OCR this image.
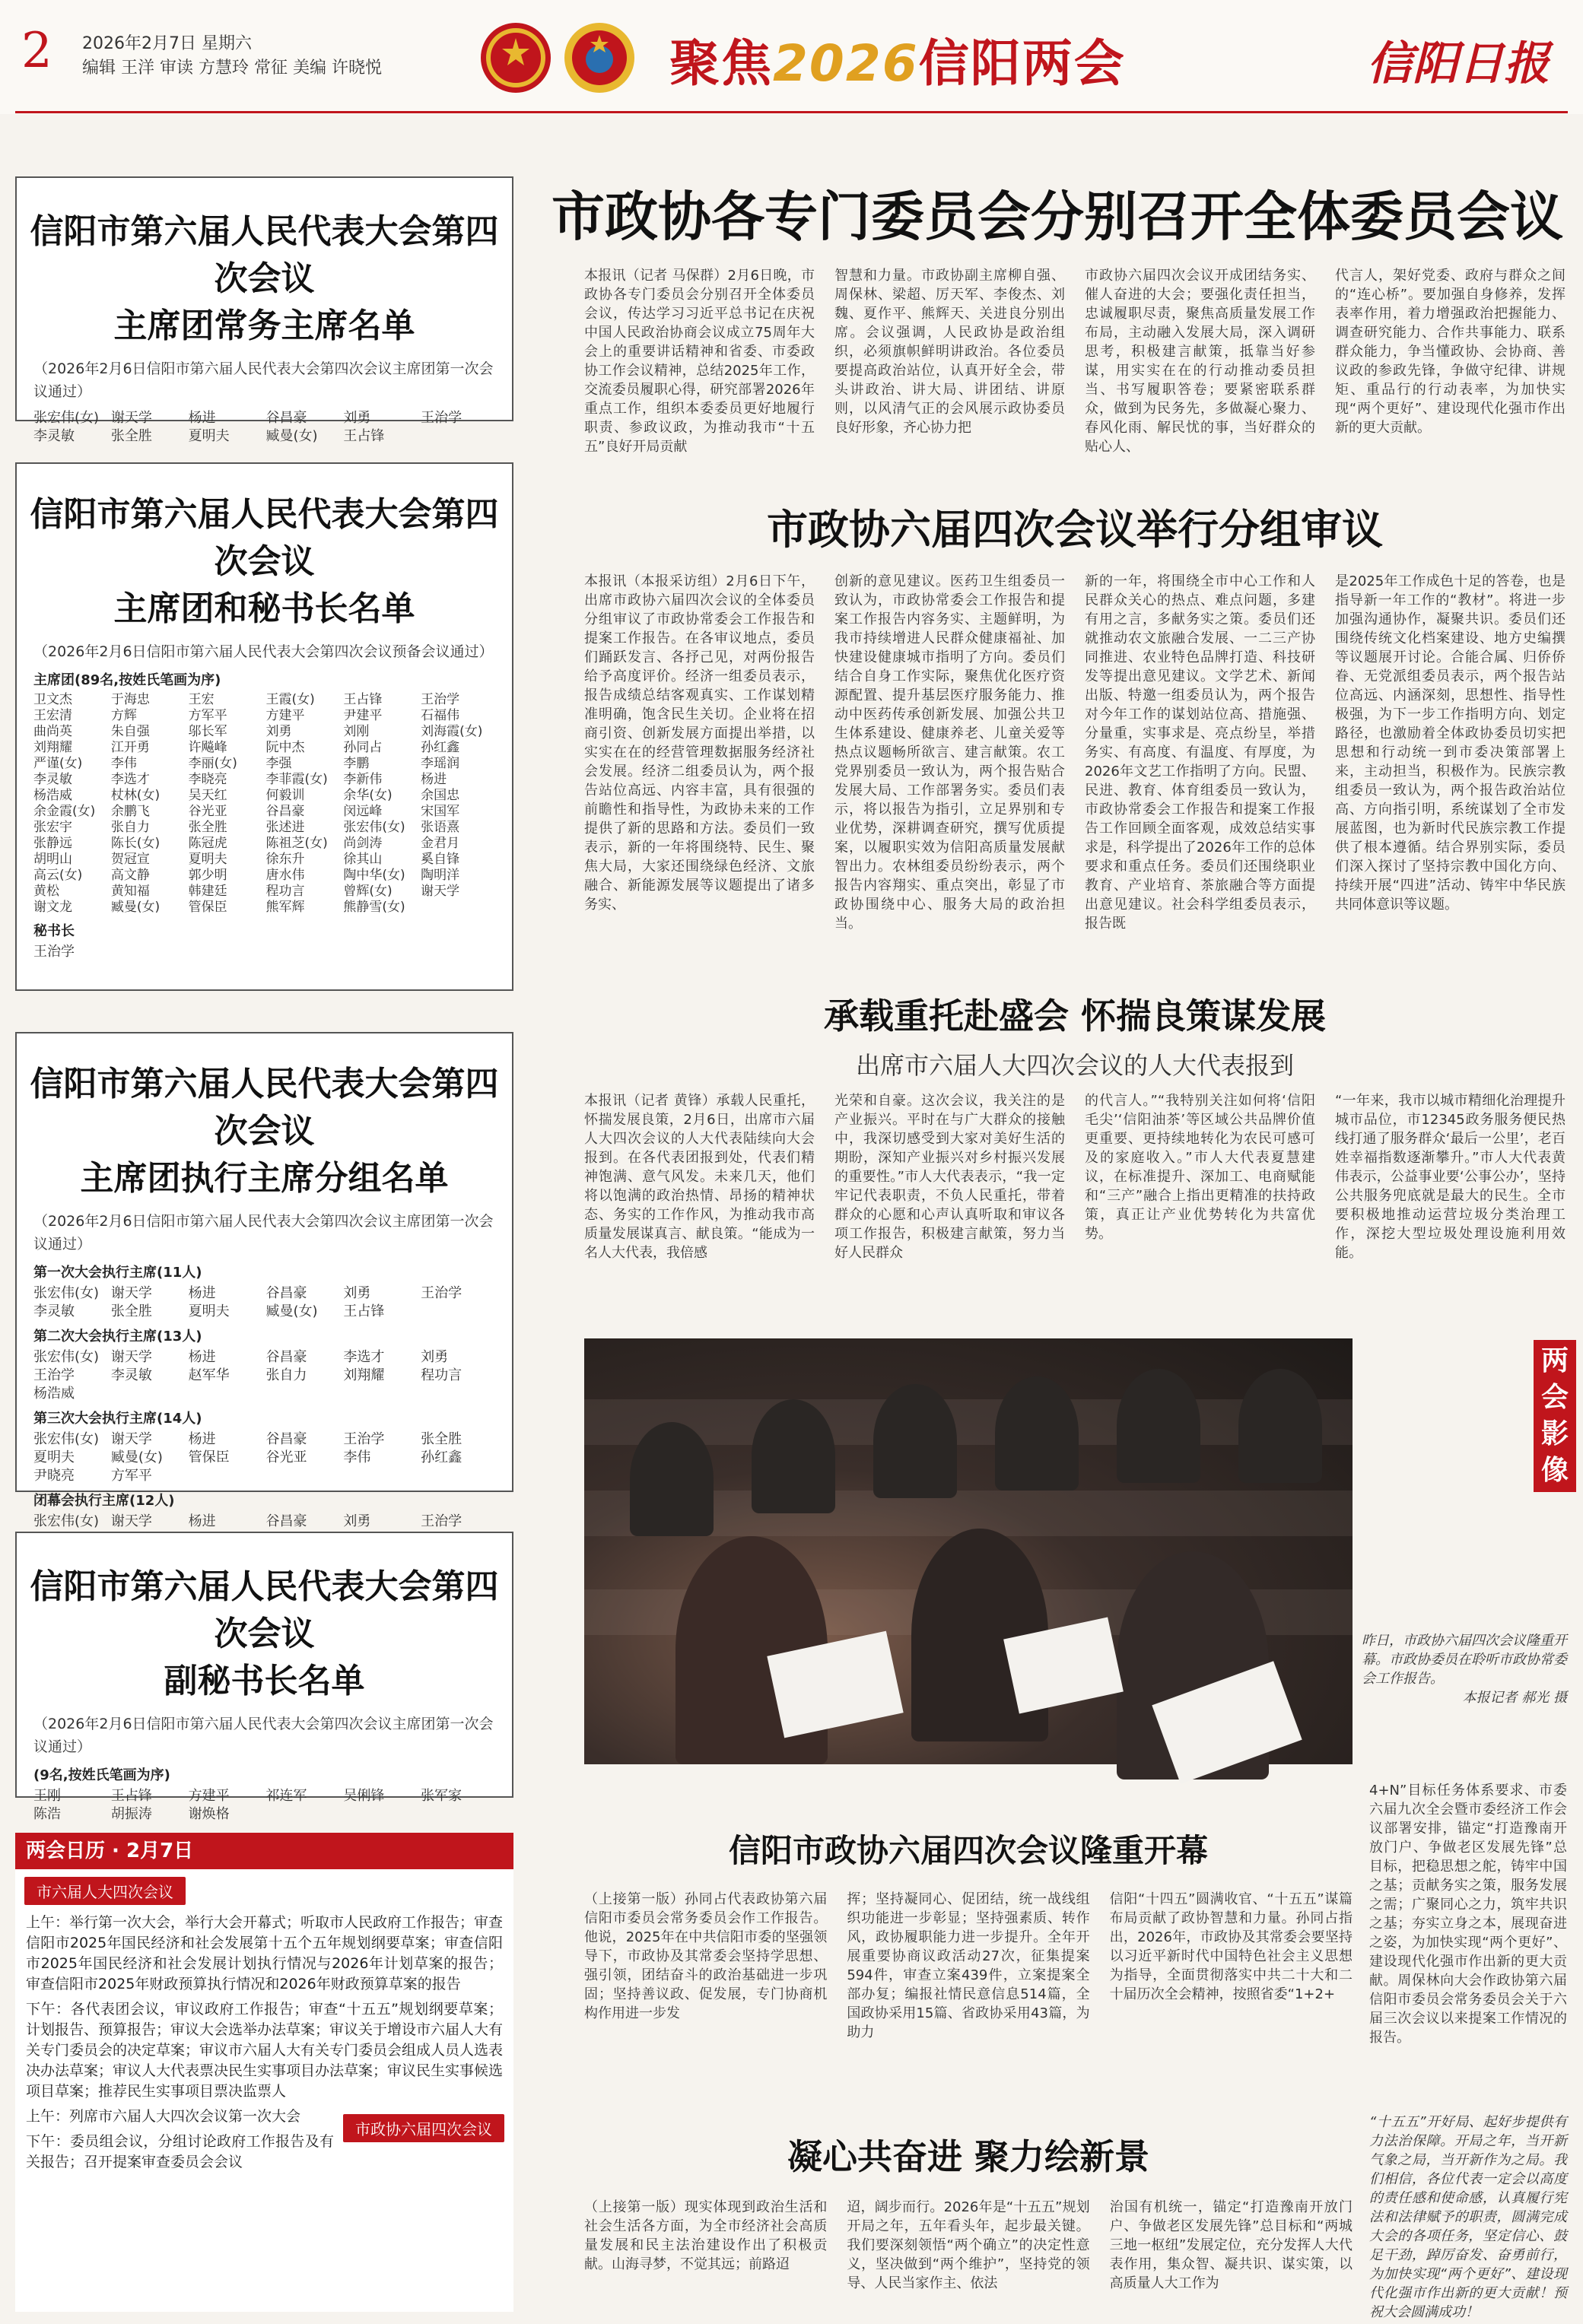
2 2026年2月7日 星期六
编辑 王洋 审读 方慧玲 常征 美编 许晓悦	聚焦2026信阳两会	信阳日报
信阳市第六届人民代表大会第四次会议
主席团常务主席名单
（2026年2月6日信阳市第六届人民代表大会第四次会议主席团第一次会议通过）
张宏伟(女) 谢天学	杨进	谷昌豪	刘勇	王治学
李灵敏	张全胜	夏明夫	臧曼(女)	王占锋
信阳市第六届人民代表大会第四次会议
主席团和秘书长名单
（2026年2月6日信阳市第六届人民代表大会第四次会议预备会议通过）
主席团(89名,按姓氏笔画为序)
卫文杰	于海忠	王宏	王霞(女)	王占锋	王治学
王宏清	方辉	方军平	方建平	尹建平	石福伟
曲尚英	朱自强	邬长军	刘勇	刘刚	刘海霞(女)
刘翔耀	江开勇	许飚峰	阮中杰	孙同占	孙红鑫
严谨(女)	李伟	李丽(女)	李强	李鹏	李瑶润
李灵敏	李选才	李晓亮	李菲霞(女)	李新伟	杨进
杨浩威	杖林(女)	吴天红	何毅训	余华(女)	余国忠
余金霞(女)	余鹏飞	谷光亚	谷昌豪	闵远峰	宋国军
张宏宇	张自力	张全胜	张述进	张宏伟(女)	张语熹
张静远	陈长(女)	陈冠虎	陈祖芝(女)	尚剑涛	金君月
胡明山	贺冠宣	夏明夫	徐东升	徐其山	奚自锋
高云(女)	高文静	郭少明	唐水伟	陶中华(女)	陶明洋
黄松	黄知福	韩建廷	程功言	曾辉(女)	谢天学
谢文龙	臧曼(女)	管保臣	熊军辉	熊静雪(女)
秘书长
王治学
信阳市第六届人民代表大会第四次会议
主席团执行主席分组名单
（2026年2月6日信阳市第六届人民代表大会第四次会议主席团第一次会议通过）
第一次大会执行主席(11人)
张宏伟(女) 谢天学	杨进	谷昌豪	刘勇	王治学
李灵敏	张全胜	夏明夫	臧曼(女)	王占锋
第二次大会执行主席(13人)
张宏伟(女) 谢天学	杨进	谷昌豪	李选才	刘勇
王治学	李灵敏	赵军华	张自力	刘翔耀	程功言
杨浩威
第三次大会执行主席(14人)
张宏伟(女) 谢天学	杨进	谷昌豪	王治学	张全胜
夏明夫	臧曼(女)	管保臣	谷光亚	李伟	孙红鑫
尹晓亮	方军平
闭幕会执行主席(12人)
张宏伟(女) 谢天学	杨进	谷昌豪	刘勇	王治学
信阳市第六届人民代表大会第四次会议
副秘书长名单
（2026年2月6日信阳市第六届人民代表大会第四次会议主席团第一次会议通过）
(9名,按姓氏笔画为序)
王刚	王占锋	方建平	祁连军	吴俐锋	张军家
陈浩	胡振涛	谢焕格
市政协各专门委员会分别召开全体委员会议
本报讯（记者 马保群）2月6日晚，市政协各专门委员会分别召开全体委员会议，传达学习习近平总书记在庆祝中国人民政治协商会议成立75周年大会上的重要讲话精神和省委、市委政协工作会议精神，总结2025年工作，交流委员履职心得，研究部署2026年重点工作，组织本委委员更好地履行职责、参政议政，为推动我市“十五五”良好开局贡献
智慧和力量。市政协副主席柳自强、周保林、梁超、厉天军、李俊杰、刘魏、夏作平、熊辉天、关进良分别出席。会议强调，人民政协是政治组织，必须旗帜鲜明讲政治。各位委员要提高政治站位，认真开好全会，带头讲政治、讲大局、讲团结、讲原则，以风清气正的会风展示政协委员良好形象，齐心协力把
市政协六届四次会议开成团结务实、催人奋进的大会；要强化责任担当，忠诚履职尽责，聚焦高质量发展工作布局，主动融入发展大局，深入调研思考，积极建言献策，抵靠当好参谋，用实实在在的行动推动委员担当、书写履职答卷；要紧密联系群众，做到为民务先，多做凝心聚力、春风化雨、解民忧的事，当好群众的贴心人、
代言人，架好党委、政府与群众之间的“连心桥”。要加强自身修养，发挥表率作用，着力增强政治把握能力、调查研究能力、合作共事能力、联系群众能力，争当懂政协、会协商、善议政的参政先锋，争做守纪律、讲规矩、重品行的行动表率，为加快实现“两个更好”、建设现代化强市作出新的更大贡献。
市政协六届四次会议举行分组审议
本报讯（本报采访组）2月6日下午，出席市政协六届四次会议的全体委员分组审议了市政协常委会工作报告和提案工作报告。在各审议地点，委员们踊跃发言、各抒己见，对两份报告给予高度评价。经济一组委员表示，报告成绩总结客观真实、工作谋划精准明确，饱含民生关切。企业将在招商引资、创新发展方面提出举措，以实实在在的经营管理数据服务经济社会发展。经济二组委员认为，两个报告站位高远、内容丰富，具有很强的前瞻性和指导性，为政协未来的工作提供了新的思路和方法。委员们一致表示，新的一年将围绕特、民生、聚焦大局，大家还围绕绿色经济、文旅融合、新能源发展等议题提出了诸多务实、
创新的意见建议。医药卫生组委员一致认为，市政协常委会工作报告和提案工作报告内容务实、主题鲜明，为我市持续增进人民群众健康福祉、加快建设健康城市指明了方向。委员们结合自身工作实际，聚焦优化医疗资源配置、提升基层医疗服务能力、推动中医药传承创新发展、加强公共卫生体系建设、健康养老、儿童关爱等热点议题畅所欲言、建言献策。农工党界别委员一致认为，两个报告贴合发展大局、工作部署务实。委员们表示，将以报告为指引，立足界别和专业优势，深耕调查研究，撰写优质提案，以履职实效为信阳高质量发展献智出力。农林组委员纷纷表示，两个报告内容翔实、重点突出，彰显了市政协围绕中心、服务大局的政治担当。
新的一年，将围绕全市中心工作和人民群众关心的热点、难点问题，多建有用之言，多献务实之策。委员们还就推动农文旅融合发展、一二三产协同推进、农业特色品牌打造、科技研发等提出意见建议。文学艺术、新闻出版、特邀一组委员认为，两个报告对今年工作的谋划站位高、措施强、分量重，实事求是、亮点纷呈，举措务实、有高度、有温度、有厚度，为2026年文艺工作指明了方向。民盟、民进、教育、体育组委员一致认为，市政协常委会工作报告和提案工作报告工作回顾全面客观，成效总结实事求是，科学提出了2026年工作的总体要求和重点任务。委员们还围绕职业教育、产业培育、茶旅融合等方面提出意见建议。社会科学组委员表示，报告既
是2025年工作成色十足的答卷，也是指导新一年工作的“教材”。将进一步加强沟通协作，凝聚共识。委员们还围绕传统文化档案建设、地方史编撰等议题展开讨论。合能合属、归侨侨眷、无党派组委员表示，两个报告站位高远、内涵深刻，思想性、指导性极强，为下一步工作指明方向、划定路径，也激励着全体政协委员切实把思想和行动统一到市委决策部署上来，主动担当，积极作为。民族宗教组委员一致认为，两个报告政治站位高、方向指引明，系统谋划了全市发展蓝图，也为新时代民族宗教工作提供了根本遵循。结合界别实际，委员们深入探讨了坚持宗教中国化方向、持续开展“四进”活动、铸牢中华民族共同体意识等议题。
承载重托赴盛会 怀揣良策谋发展
出席市六届人大四次会议的人大代表报到
本报讯（记者 黄锋）承载人民重托，怀揣发展良策，2月6日，出席市六届人大四次会议的人大代表陆续向大会报到。在各代表团报到处，代表们精神饱满、意气风发。未来几天，他们将以饱满的政治热情、昂扬的精神状态、务实的工作作风，为推动我市高质量发展谋真言、献良策。“能成为一名人大代表，我倍感
光荣和自豪。这次会议，我关注的是产业振兴。平时在与广大群众的接触中，我深切感受到大家对美好生活的期盼，深知产业振兴对乡村振兴发展的重要性。”市人大代表表示，“我一定牢记代表职责，不负人民重托，带着群众的心愿和心声认真听取和审议各项工作报告，积极建言献策，努力当好人民群众
的代言人。”“我特别关注如何将‘信阳毛尖’‘信阳油茶’等区域公共品牌价值更重要、更持续地转化为农民可感可及的家庭收入。”市人大代表夏慧建议，在标准提升、深加工、电商赋能和“三产”融合上指出更精准的扶持政策，真正让产业优势转化为共富优势。
“一年来，我市以城市精细化治理提升城市品位，市12345政务服务便民热线打通了服务群众‘最后一公里’，老百姓幸福指数逐渐攀升。”市人大代表黄伟表示，公益事业要‘公事公办’，坚持公共服务兜底就是最大的民生。全市要积极地推动运营垃圾分类治理工作，深挖大型垃圾处理设施利用效能。
两会影像
昨日，市政协六届四次会议隆重开幕。市政协委员在聆听市政协常委会工作报告。
本报记者 郝光 摄
信阳市政协六届四次会议隆重开幕
（上接第一版）孙同占代表政协第六届信阳市委员会常务委员会作工作报告。他说，2025年在中共信阳市委的坚强领导下，市政协及其常委会坚持学思想、强引领，团结奋斗的政治基础进一步巩固；坚持善议政、促发展，专门协商机构作用进一步发
挥；坚持凝同心、促团结，统一战线组织功能进一步彰显；坚持强素质、转作风，政协履职能力进一步提升。全年开展重要协商议政活动27次，征集提案594件，审查立案439件，立案提案全部办复；编报社情民意信息514篇，全国政协采用15篇、省政协采用43篇，为助力
信阳“十四五”圆满收官、“十五五”谋篇布局贡献了政协智慧和力量。孙同占指出，2026年，市政协及其常委会要坚持以习近平新时代中国特色社会主义思想为指导，全面贯彻落实中共二十大和二十届历次全会精神，按照省委“1+2+
4+N”目标任务体系要求、市委六届九次全会暨市委经济工作会议部署安排，锚定“打造豫南开放门户、争做老区发展先锋”总目标，把稳思想之舵，铸牢中国之基；贡献务实之策，服务发展之需；广聚同心之力，筑牢共识之基；夯实立身之本，展现奋进之姿，为加快实现“两个更好”、建设现代化强市作出新的更大贡献。周保林向大会作政协第六届信阳市委员会常务委员会关于六届三次会议以来提案工作情况的报告。
凝心共奋进 聚力绘新景
（上接第一版）现实体现到政治生活和社会生活各方面，为全市经济社会高质量发展和民主法治建设作出了积极贡献。山海寻梦，不觉其远；前路迢
迢，阔步而行。2026年是“十五五”规划开局之年，五年看头年，起步最关键。我们要深刻领悟“两个确立”的决定性意义，坚决做到“两个维护”，坚持党的领导、人民当家作主、依法
治国有机统一，锚定“打造豫南开放门户、争做老区发展先锋”总目标和“两城三地一枢纽”发展定位，充分发挥人大代表作用，集众智、凝共识、谋实策，以高质量人大工作为
“十五五”开好局、起好步提供有力法治保障。开局之年，当开新气象之局，当开新作为之局。我们相信，各位代表一定会以高度的责任感和使命感，认真履行宪法和法律赋予的职责，圆满完成大会的各项任务，坚定信心、鼓足干劲，踔厉奋发、奋勇前行，为加快实现“两个更好”、建设现代化强市作出新的更大贡献！预祝大会圆满成功！
两会日历 · 2月7日
市六届人大四次会议
上午：举行第一次大会，举行大会开幕式；听取市人民政府工作报告；审查信阳市2025年国民经济和社会发展第十五个五年规划纲要草案；审查信阳市2025年国民经济和社会发展计划执行情况与2026年计划草案的报告；审查信阳市2025年财政预算执行情况和2026年财政预算草案的报告
下午：各代表团会议，审议政府工作报告；审查“十五五”规划纲要草案；计划报告、预算报告；审议大会选举办法草案；审议关于增设市六届人大有关专门委员会的决定草案；审议市六届人大有关专门委员会组成人员人选表决办法草案；审议人大代表票决民生实事项目办法草案；审议民生实事候选项目草案；推荐民生实事项目票决监票人
市政协六届四次会议
上午：列席市六届人大四次会议第一次大会
下午：委员组会议，分组讨论政府工作报告及有关报告；召开提案审查委员会会议
